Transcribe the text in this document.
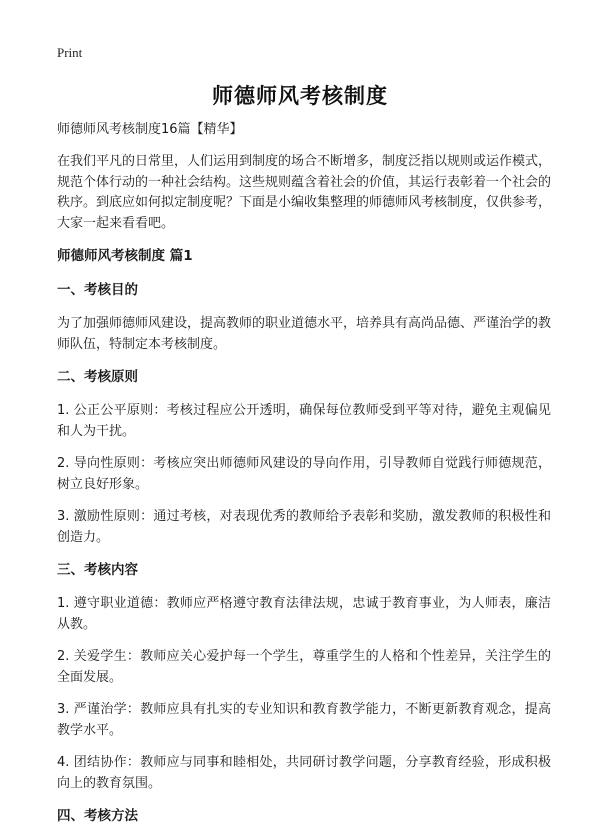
Print
师德师风考核制度
师德师风考核制度16篇【精华】

在我们平凡的日常里，人们运用到制度的场合不断增多，制度泛指以规则或运作模式，规范个体行动的一种社会结构。这些规则蕴含着社会的价值，其运行表彰着一个社会的秩序。到底应如何拟定制度呢？下面是小编收集整理的师德师风考核制度，仅供参考，大家一起来看看吧。

师德师风考核制度 篇1
一、考核目的

为了加强师德师风建设，提高教师的职业道德水平，培养具有高尚品德、严谨治学的教师队伍，特制定本考核制度。

二、考核原则

1. 公正公平原则：考核过程应公开透明，确保每位教师受到平等对待，避免主观偏见和人为干扰。

2. 导向性原则：考核应突出师德师风建设的导向作用，引导教师自觉践行师德规范，树立良好形象。

3. 激励性原则：通过考核，对表现优秀的教师给予表彰和奖励，激发教师的积极性和创造力。

三、考核内容

1. 遵守职业道德：教师应严格遵守教育法律法规，忠诚于教育事业，为人师表，廉洁从教。

2. 关爱学生：教师应关心爱护每一个学生，尊重学生的人格和个性差异，关注学生的全面发展。

3. 严谨治学：教师应具有扎实的专业知识和教育教学能力，不断更新教育观念，提高教学水平。

4. 团结协作：教师应与同事和睦相处，共同研讨教学问题，分享教育经验，形成积极向上的教育氛围。

四、考核方法
